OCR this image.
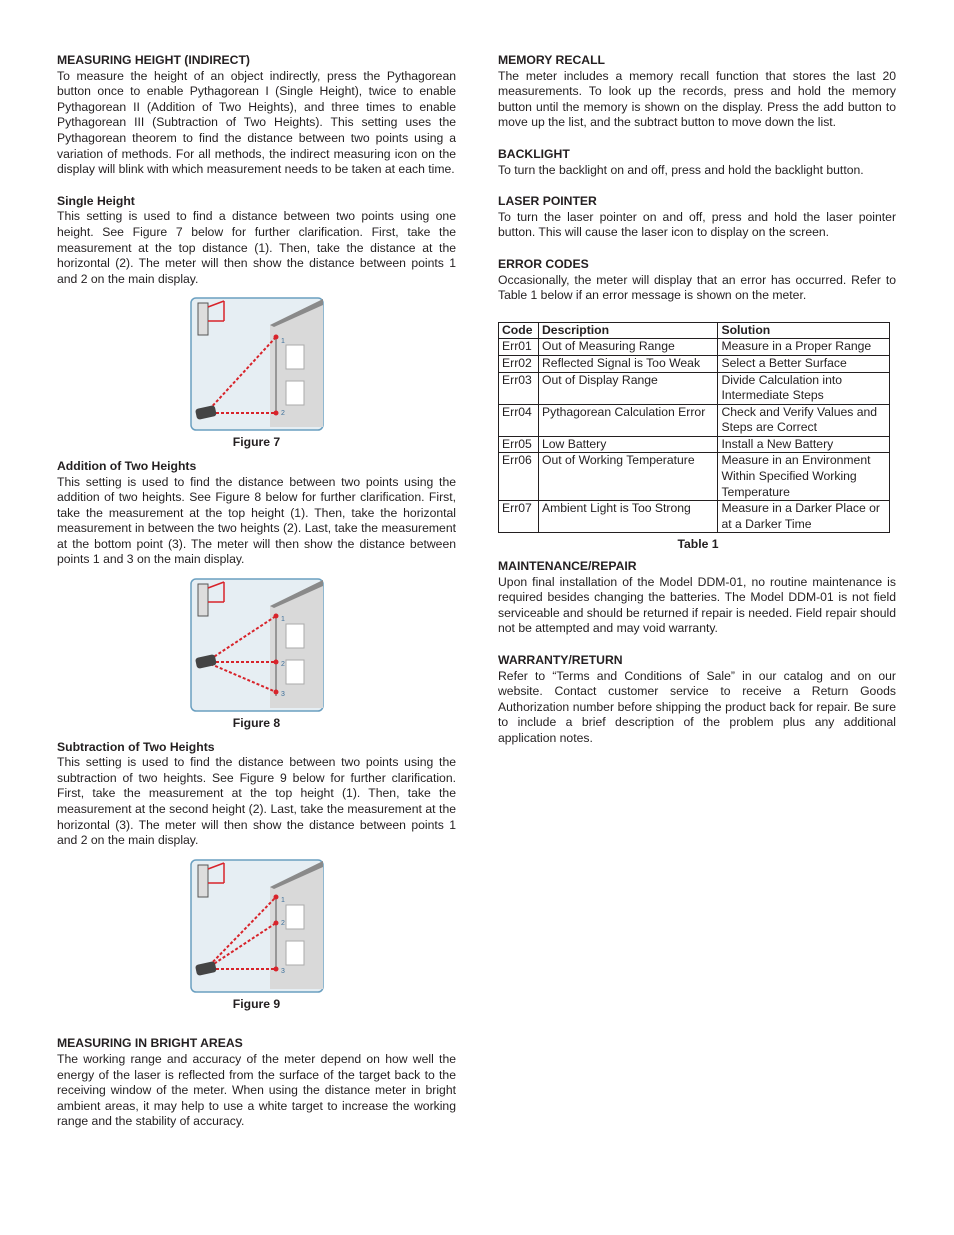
MEASURING HEIGHT (INDIRECT)

To measure the height of an object indirectly, press the Pythagorean button once to enable Pythagorean I (Single Height), twice to enable Pythagorean II (Addition of Two Heights), and three times to enable Pythagorean III (Subtraction of Two Heights). This setting uses the Pythagorean theorem to find the distance between two points using a variation of methods. For all methods, the indirect measuring icon on the display will blink with which measurement needs to be taken at each time.

Single Height

This setting is used to find a distance between two points using one height. See Figure 7 below for further clarification. First, take the measurement at the top distance (1). Then, take the distance at the horizontal (2). The meter will then show the distance between points 1 and 2 on the main display.

1
2
Figure 7
Addition of Two Heights

This setting is used to find the distance between two points using the addition of two heights. See Figure 8 below for further clarification. First, take the measurement at the top height (1). Then, take the horizontal measurement in between the two heights (2). Last, take the measurement at the bottom point (3). The meter will then show the distance between points 1 and 3 on the main display.

1
2
3
Figure 8
Subtraction of Two Heights

This setting is used to find the distance between two points using the subtraction of two heights. See Figure 9 below for further clarification. First, take the measurement at the top height (1). Then, take the measurement at the second height (2). Last, take the measurement at the horizontal (3). The meter will then show the distance between points 1 and 2 on the main display.

1
2
3
Figure 9
MEASURING IN BRIGHT AREAS

The working range and accuracy of the meter depend on how well the energy of the laser is reflected from the surface of the target back to the receiving window of the meter. When using the distance meter in bright ambient areas, it may help to use a white target to increase the working range and the stability of accuracy.

MEMORY RECALL

The meter includes a memory recall function that stores the last 20 measurements. To look up the records, press and hold the memory button until the memory is shown on the display. Press the add button to move up the list, and the subtract button to move down the list.

BACKLIGHT

To turn the backlight on and off, press and hold the backlight button.

LASER POINTER

To turn the laser pointer on and off, press and hold the laser pointer button. This will cause the laser icon to display on the screen.

ERROR CODES

Occasionally, the meter will display that an error has occurred. Refer to Table 1 below if an error message is shown on the meter.

Code	Description	Solution
Err01	Out of Measuring Range	Measure in a Proper Range
Err02	Reflected Signal is Too Weak	Select a Better Surface
Err03	Out of Display Range	Divide Calculation into Intermediate Steps
Err04	Pythagorean Calculation Error	Check and Verify Values and Steps are Correct
Err05	Low Battery	Install a New Battery
Err06	Out of Working Temperature	Measure in an Environment Within Specified Working Temperature
Err07	Ambient Light is Too Strong	Measure in a Darker Place or at a Darker Time
Table 1
MAINTENANCE/REPAIR

Upon final installation of the Model DDM-01, no routine maintenance is required besides changing the batteries. The Model DDM-01 is not field serviceable and should be returned if repair is needed. Field repair should not be attempted and may void warranty.

WARRANTY/RETURN

Refer to “Terms and Conditions of Sale” in our catalog and on our website. Contact customer service to receive a Return Goods Authorization number before shipping the product back for repair. Be sure to include a brief description of the problem plus any additional application notes.
